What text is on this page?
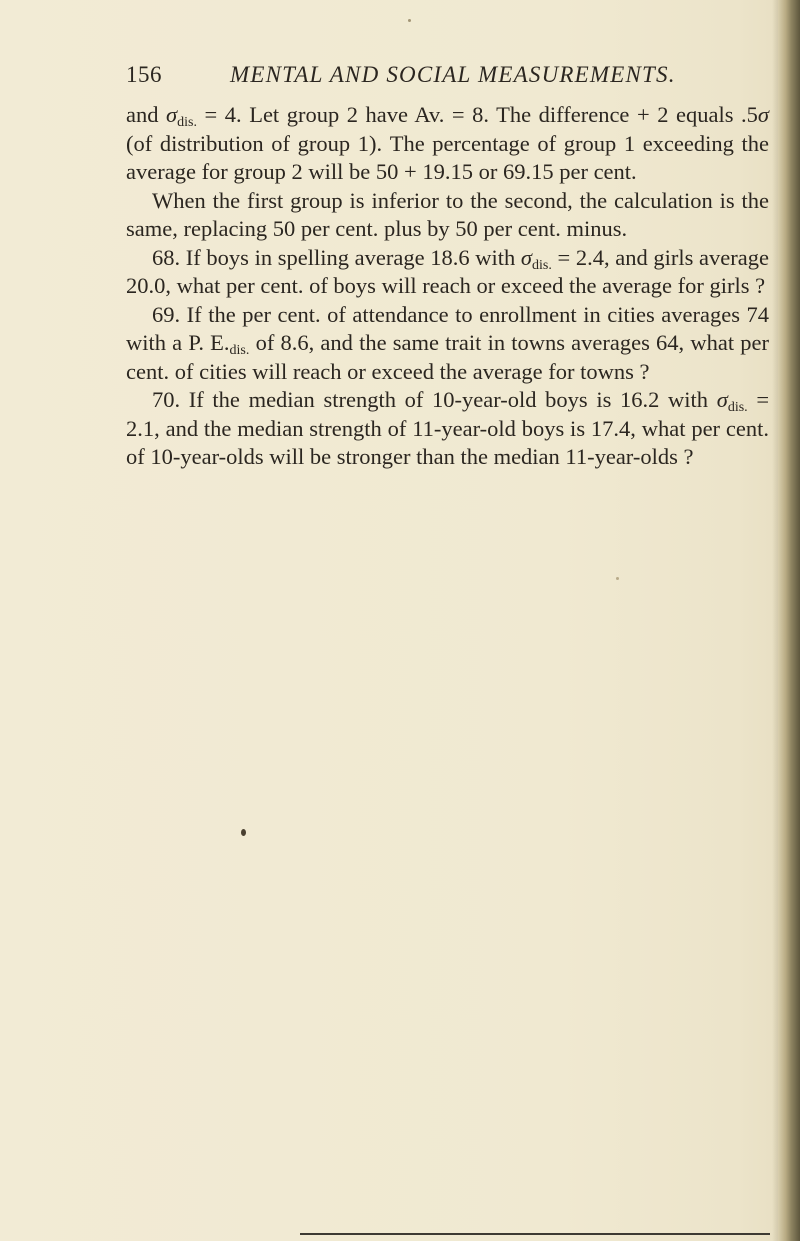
156	MENTAL AND SOCIAL MEASUREMENTS.

and $\sigma_{dis.} = 4$. Let group 2 have Av. = 8. The difference + 2 equals .5σ (of distribution of group 1). The percentage of group 1 exceeding the average for group 2 will be 50 + 19.15 or 69.15 per cent.

When the first group is inferior to the second, the calculation is the same, replacing 50 per cent. plus by 50 per cent. minus.

68. If boys in spelling average 18.6 with $\sigma_{dis.} = 2.4$, and girls average 20.0, what per cent. of boys will reach or exceed the average for girls ?

69. If the per cent. of attendance to enrollment in cities averages 74 with a P. $E._{dis.}$ of 8.6, and the same trait in towns averages 64, what per cent. of cities will reach or exceed the average for towns ?

70. If the median strength of 10-year-old boys is 16.2 with $\sigma_{dis.} = 2.1$, and the median strength of 11-year-old boys is 17.4, what per cent. of 10-year-olds will be stronger than the median 11-year-olds ?
